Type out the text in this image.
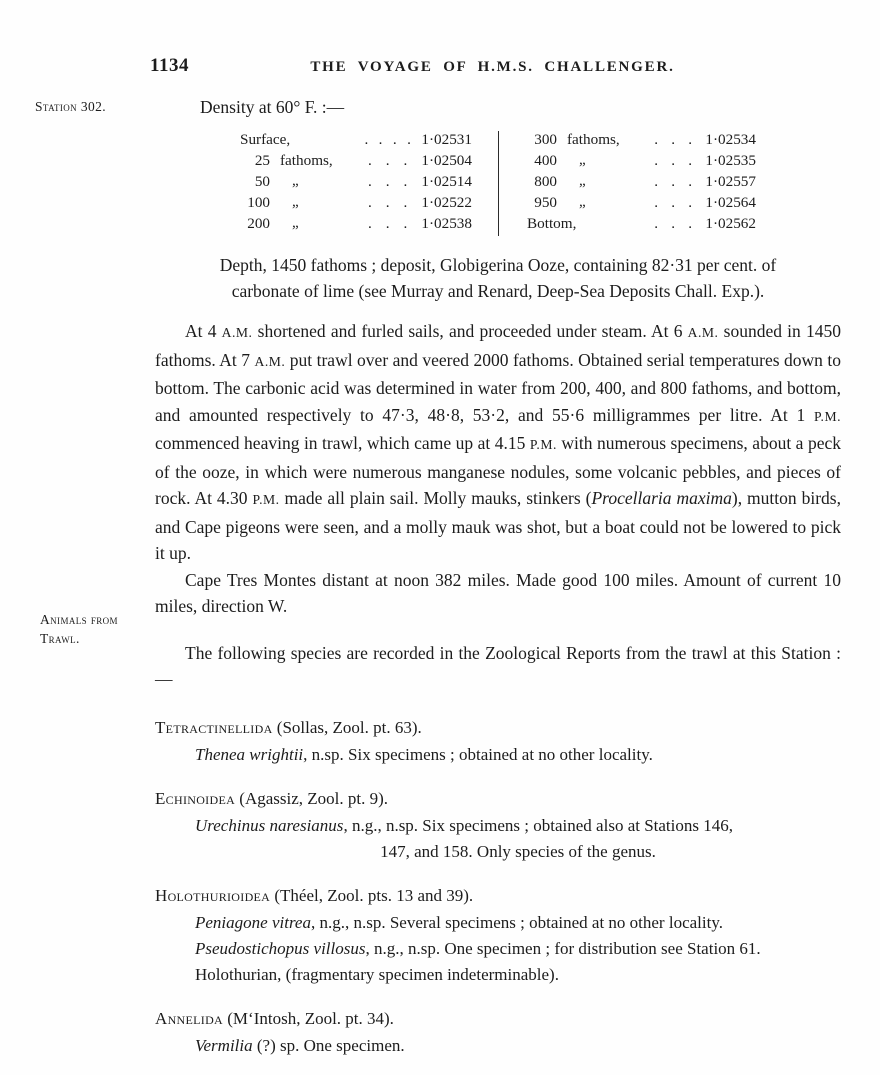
1134	THE VOYAGE OF H.M.S. CHALLENGER.
Station 302.
Animals from Trawl.
Density at 60° F. :—
Surface,	. . . . 1·02531
25 fathoms, . . . 1·02504
50	„	. . . 1·02514
100	„	. . . 1·02522
200	„	. . . 1·02538
300 fathoms, . . . 1·02534
400	„	. . . 1·02535
800	„	. . . 1·02557
950	„	. . . 1·02564
Bottom,	. . . 1·02562
Depth, 1450 fathoms ; deposit, Globigerina Ooze, containing 82·31 per cent. of
carbonate of lime (see Murray and Renard, Deep-Sea Deposits Chall. Exp.).

At 4 A.M. shortened and furled sails, and proceeded under steam. At 6 A.M. sounded in 1450 fathoms. At 7 A.M. put trawl over and veered 2000 fathoms. Obtained serial temperatures down to bottom. The carbonic acid was determined in water from 200, 400, and 800 fathoms, and bottom, and amounted respectively to 47·3, 48·8, 53·2, and 55·6 milligrammes per litre. At 1 P.M. commenced heaving in trawl, which came up at 4.15 P.M. with numerous specimens, about a peck of the ooze, in which were numerous manganese nodules, some volcanic pebbles, and pieces of rock. At 4.30 P.M. made all plain sail. Molly mauks, stinkers (Procellaria maxima), mutton birds, and Cape pigeons were seen, and a molly mauk was shot, but a boat could not be lowered to pick it up.

Cape Tres Montes distant at noon 382 miles. Made good 100 miles. Amount of current 10 miles, direction W.

The following species are recorded in the Zoological Reports from the trawl at this Station :—

Tetractinellida (Sollas, Zool. pt. 63).
Thenea wrightii, n.sp. Six specimens ; obtained at no other locality.
Echinoidea (Agassiz, Zool. pt. 9).
Urechinus naresianus, n.g., n.sp. Six specimens ; obtained also at Stations 146,
147, and 158. Only species of the genus.
Holothurioidea (Théel, Zool. pts. 13 and 39).
Peniagone vitrea, n.g., n.sp. Several specimens ; obtained at no other locality.
Pseudostichopus villosus, n.g., n.sp. One specimen ; for distribution see Station 61.
Holothurian, (fragmentary specimen indeterminable).
Annelida (M‘Intosh, Zool. pt. 34).
Vermilia (?) sp. One specimen.
